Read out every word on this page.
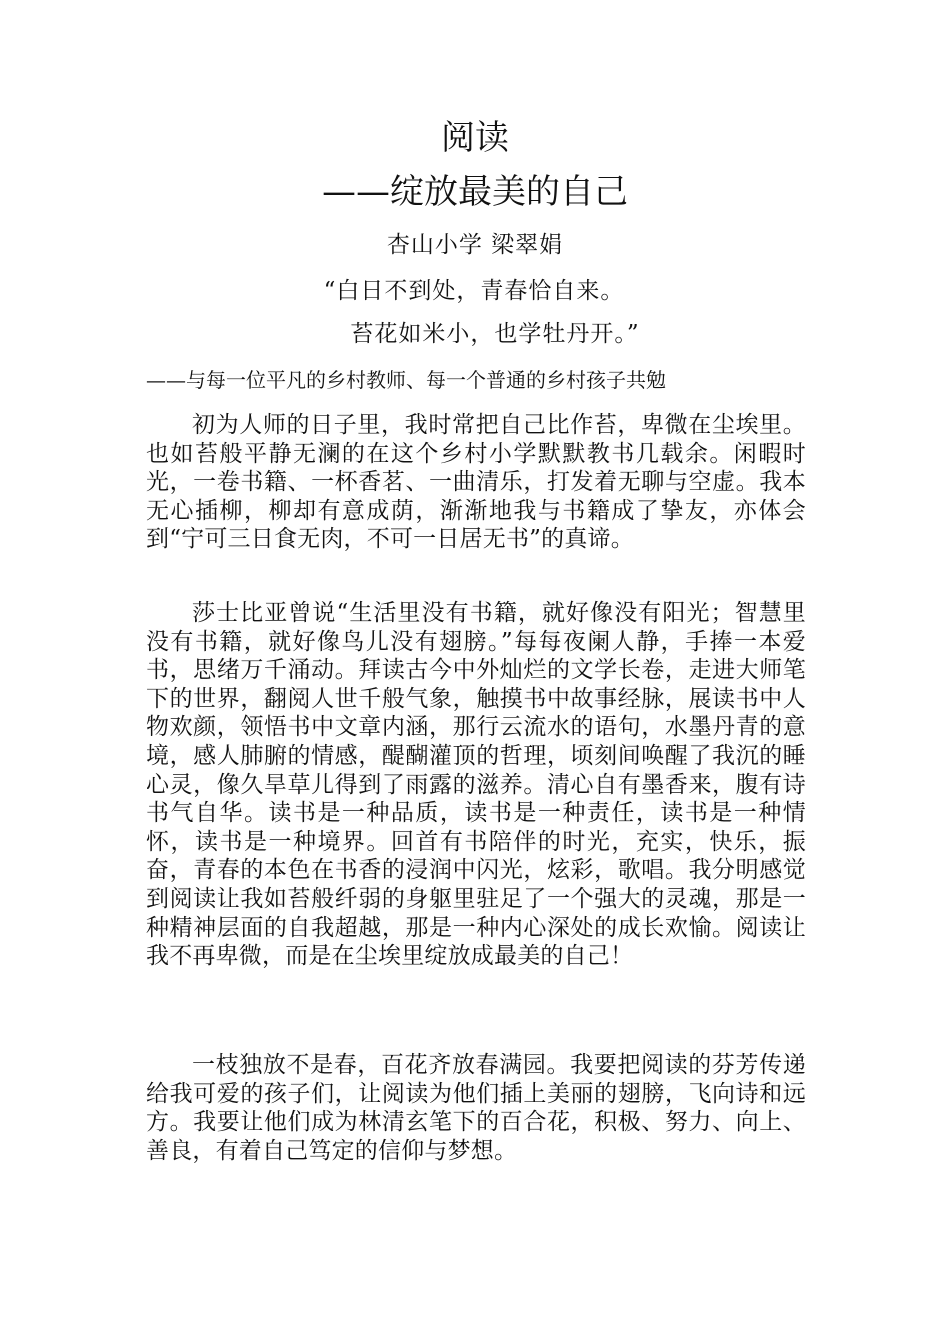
阅读
——绽放最美的自己
杏山小学 梁翠娟
“白日不到处，青春恰自来。
苔花如米小，也学牡丹开。”
——与每一位平凡的乡村教师、每一个普通的乡村孩子共勉

初为人师的日子里，我时常把自己比作苔，卑微在尘埃里。也如苔般平静无澜的在这个乡村小学默默教书几载余。闲暇时光，一卷书籍、一杯香茗、一曲清乐，打发着无聊与空虚。我本无心插柳，柳却有意成荫，渐渐地我与书籍成了挚友，亦体会到“宁可三日食无肉，不可一日居无书”的真谛。

莎士比亚曾说“生活里没有书籍，就好像没有阳光；智慧里没有书籍，就好像鸟儿没有翅膀。”每每夜阑人静，手捧一本爱书，思绪万千涌动。拜读古今中外灿烂的文学长卷，走进大师笔下的世界，翻阅人世千般气象，触摸书中故事经脉，展读书中人物欢颜，领悟书中文章内涵，那行云流水的语句，水墨丹青的意境，感人肺腑的情感，醍醐灌顶的哲理，顷刻间唤醒了我沉的睡心灵，像久旱草儿得到了雨露的滋养。清心自有墨香来，腹有诗书气自华。读书是一种品质，读书是一种责任，读书是一种情怀，读书是一种境界。回首有书陪伴的时光，充实，快乐，振奋，青春的本色在书香的浸润中闪光，炫彩，歌唱。我分明感觉到阅读让我如苔般纤弱的身躯里驻足了一个强大的灵魂，那是一种精神层面的自我超越，那是一种内心深处的成长欢愉。阅读让我不再卑微，而是在尘埃里绽放成最美的自己！

一枝独放不是春，百花齐放春满园。我要把阅读的芬芳传递给我可爱的孩子们，让阅读为他们插上美丽的翅膀，飞向诗和远方。我要让他们成为林清玄笔下的百合花，积极、努力、向上、善良，有着自己笃定的信仰与梦想。
